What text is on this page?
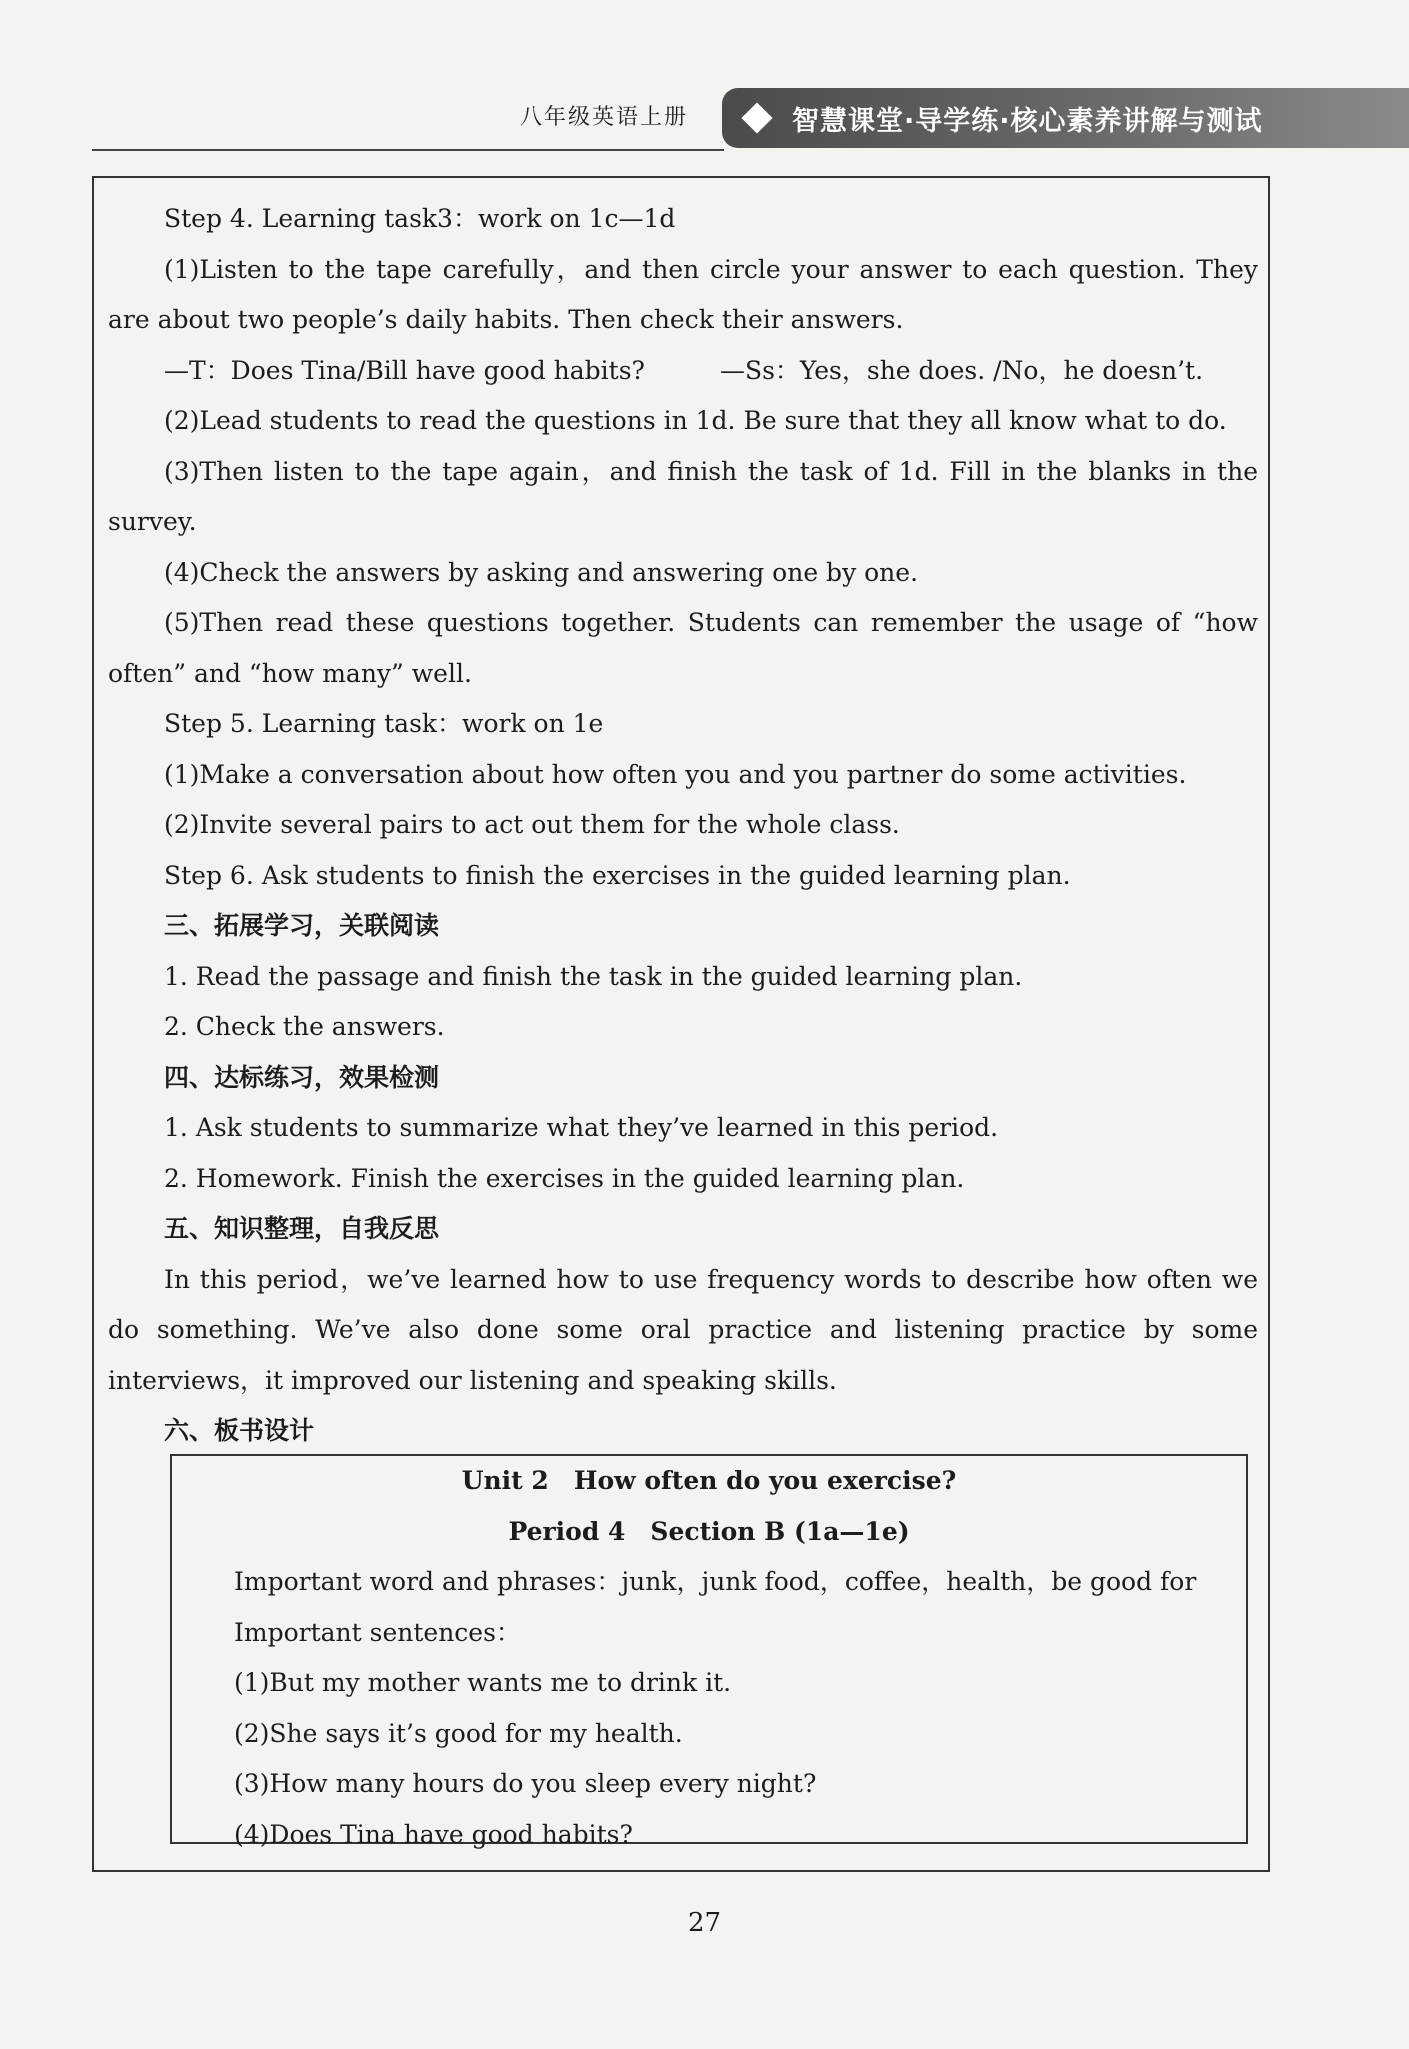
八年级英语上册	智慧课堂·导学练·核心素养讲解与测试

Step 4. Learning task3：work on 1c—1d

(1)Listen to the tape carefully，and then circle your answer to each question. They are about two people’s daily habits. Then check their answers.

—T：Does Tina/Bill have good habits?　　　—Ss：Yes，she does. /No，he doesn’t.

(2)Lead students to read the questions in 1d. Be sure that they all know what to do.

(3)Then listen to the tape again，and finish the task of 1d. Fill in the blanks in the survey.

(4)Check the answers by asking and answering one by one.

(5)Then read these questions together. Students can remember the usage of “how often” and “how many” well.

Step 5. Learning task：work on 1e

(1)Make a conversation about how often you and you partner do some activities.

(2)Invite several pairs to act out them for the whole class.

Step 6. Ask students to finish the exercises in the guided learning plan.

三、拓展学习，关联阅读

1. Read the passage and finish the task in the guided learning plan.

2. Check the answers.

四、达标练习，效果检测

1. Ask students to summarize what they’ve learned in this period.

2. Homework. Finish the exercises in the guided learning plan.

五、知识整理，自我反思

In this period，we’ve learned how to use frequency words to describe how often we do something. We’ve also done some oral practice and listening practice by some interviews，it improved our listening and speaking skills.

六、板书设计

Unit 2　How often do you exercise?

Period 4　Section B (1a—1e)

Important word and phrases：junk，junk food，coffee，health，be good for

Important sentences：

(1)But my mother wants me to drink it.

(2)She says it’s good for my health.

(3)How many hours do you sleep every night?

(4)Does Tina have good habits?

27
